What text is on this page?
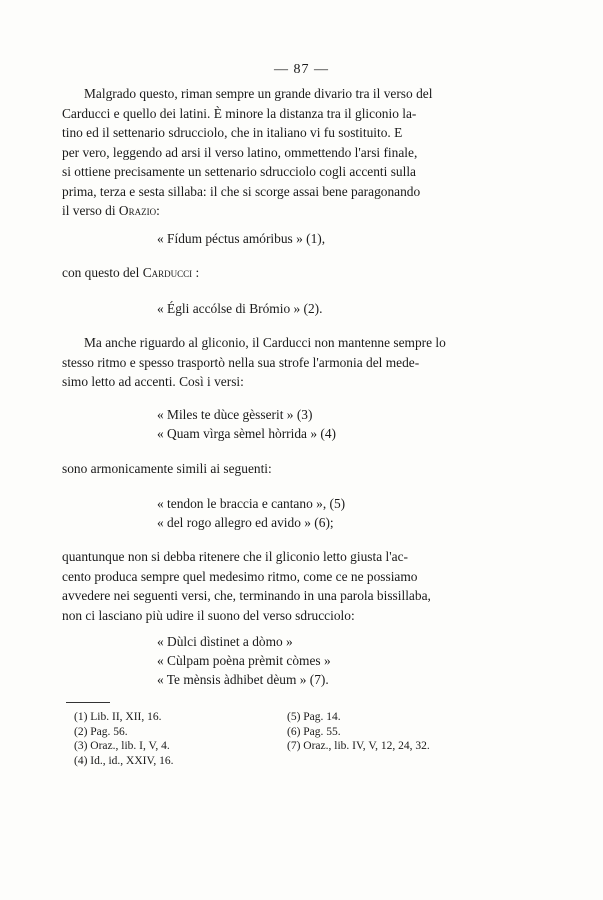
— 87 —
Malgrado questo, riman sempre un grande divario tra il verso del
Carducci e quello dei latini. È minore la distanza tra il gliconio la-
tino ed il settenario sdrucciolo, che in italiano vi fu sostituito. E
per vero, leggendo ad arsi il verso latino, ommettendo l'arsi finale,
si ottiene precisamente un settenario sdrucciolo cogli accenti sulla
prima, terza e sesta sillaba: il che si scorge assai bene paragonando
il verso di Orazio:
« Fídum péctus amóribus » (1),
con questo del Carducci :
« Égli accólse di Brómio » (2).
Ma anche riguardo al gliconio, il Carducci non mantenne sempre lo
stesso ritmo e spesso trasportò nella sua strofe l'armonia del mede-
simo letto ad accenti. Così i versi:
« Miles te dùce gèsserit » (3)
« Quam vìrga sèmel hòrrida » (4)
sono armonicamente simili ai seguenti:
« tendon le braccia e cantano », (5)
« del rogo allegro ed avido » (6);
quantunque non si debba ritenere che il gliconio letto giusta l'ac-
cento produca sempre quel medesimo ritmo, come ce ne possiamo
avvedere nei seguenti versi, che, terminando in una parola bissillaba,
non ci lasciano più udire il suono del verso sdrucciolo:
« Dùlci dìstinet a dòmo »
« Cùlpam poèna prèmit còmes »
« Te mènsis àdhibet dèum » (7).
(1) Lib. II, XII, 16.
(2) Pag. 56.
(3) Oraz., lib. I, V, 4.
(4) Id., id., XXIV, 16.
(5) Pag. 14.
(6) Pag. 55.
(7) Oraz., lib. IV, V, 12, 24, 32.
